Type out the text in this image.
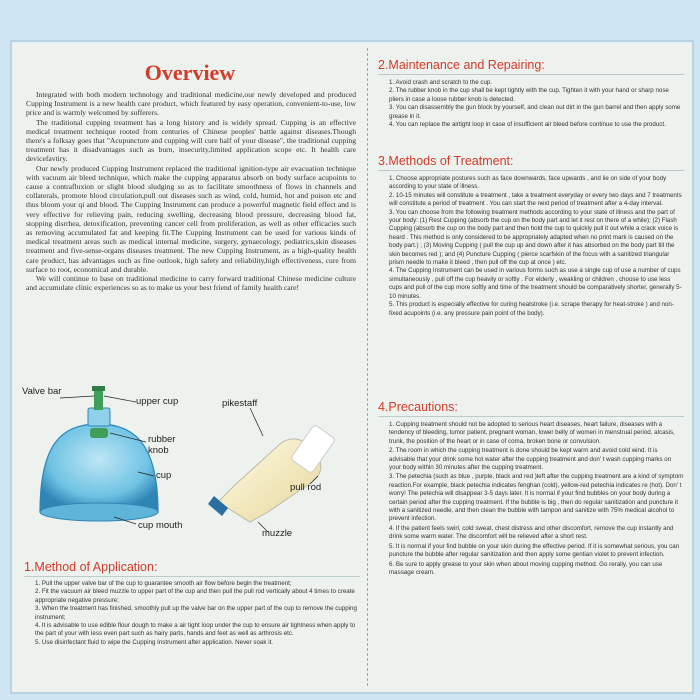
Overview

Integrated with both modern technology and traditional medicine,our newly developed and produced Cupping Instrument is a new health care product, which featured by easy operation, convenient-to-use, low price and is warmly welcomed by sufferers.

The traditional cupping treatment has a long history and is widely spread. Cupping is an effective medical treatment technique rooted from centuries of Chinese peoples' battle against diseases.Though there's a folksay goes that "Acupuncture and cupping will cure half of your disease", the traditional cupping treatment has it disadvantages such as burn, insecurity,limited application scope etc. It health care devicefavtiry.

Our newly produced Cupping Instrument replaced the traditional ignition-type air evacuation technique with vacuum air bleed technique, which make the cupping apparatus absorb on body surface acupoints to cause a contrafluxion or slight blood sludging so as to facilitate smoothness of flows in channels and collaterals, promote blood circulation,pull out diseases such as wind, cold, humid, hot and poison etc and thus bloom your qi and blood. The Cupping Instrument can produce a powerful magnetic field effect and is very effective for relieving pain, reducing swelling, decreasing blood pressure, decreasing blood fat, stopping disrrhea, detoxification, preventing cancer cell from proliferation, as well as other efficacies such as removing accumulated fat and keeping fit.The Cupping Instrument can be used for various kinds of medical treatment areas such as medical internal medicine, surgery, gynaecology, pediatrics,skin diseases treatment and five-sense-organs diseases treatment. The new Cupping Instrument, as a high-quality health care product, has advantages such as fine outlook, high safety and reliability,high effectiveness, cure from surface to root, economical and durable.

We will continue to base on traditional medicine to carry forward traditional Chinese medicine culture and accumulate clinic experiences so as to make us your best friend of family health care!

Valve bar
upper cup
rubber
knob
cup
cup mouth
pikestaff
pull rod
muzzle
1.Method of Application:
1. Pull the upper valve bar of the cup to guarantee smooth air flow before begin the treatment;
2. Fit the vacuum air bleed muzzle to upper part of the cup and then pull the pull rod vertically about 4 times to create appropriate negative pressure;
3. When the treatment has finished, smoothly pull up the valve bar on the upper part of the cup to remove the cupping instrument;
4. It is advisable to use edible flour dough to make a air tight loop under the cup to ensure air tightness when apply to the part of your with less even part such as hairy parts, hands and feet as well as arthrosis etc.
5. Use disinfectant fluid to wipe the Cupping Instrument after application. Never soak it.
2.Maintenance and Repairing:
1. Avoid crash and scratch to the cup.
2. The rubber knob in the cup shall be kept tightly with the cup. Tighten it with your hand or sharp nose pliers in case a loose rubber knob is detected.
3. You can disassembly the gun block by yourself, and clean out dirt in the gun barrel and then apply some grease in it.
4. You can replace the airtight loop in case of insufficient air bleed before continue to use the product.
3.Methods of Treatment:
1. Choose appropriate postures such as face downwards, face upwards , and lie on side of your body according to your state of illness.
2. 10-15 minutes will constitute a treatment , take a treatment everyday or every two days and 7 treatments will constitute a period of treatment . You can start the next period of treatment after a 4-day interval.
3. You can choose from the following treatment methods according to your state of illness and the part of your body: (1) Rest Cupping (absorb the cup on the body part and let it rest on there of a while); (2) Flash Cupping (absorb the cup on the body part and then hold the cup to quickly pull it out while a crack voice is heard . This method is only considered to be appropriately adapted when no print mark is caused on the body part.) ; (3) Moving Cupping ( pull the cup up and down after it has absorbed on the body part till the skin becomes red ); and (4) Puncture Cupping ( pierce scarfskin of the focus with a sanitized triangular prism needle to make it bleed , then pull off the cup at once ) etc.
4. The Cupping Instrument can be used in various forms such as use a single cup of use a number of cups simultaneously , pull off the cup heavily or softly . For elderly , weakling or children , choose to use less cups and pull of the cup more softly and time of the treatment should be comparatively shorter, generally 5-10 minutes.
5. This product is especially effective for curing heatstroke (i.e. scrape therapy for heat-stroke ) and non-fixed acupoints (i.e. any pressure pain point of the body).
4.Precautions:
1. Cupping treatment should not be adopted to serious heart diseases, heart failure, diseases with a tendency of bleeding, tumor patient, pregnant woman, lower belly of women in menstrual period, alcasis, trunk, the position of the heart or in case of coma, broken bone or convulsion.
2. The room in which the cupping treatment is done should be kept warm and avoid cold wind. It is advisable that your drink some hot water after the cupping treatment and don' t wash cupping marks on your body within 30 minutes after the cupping treatment.
3. The petechia (such as blue , purple, black and red )left after the cupping treatment are a kind of symptom reaction.For example, black petechia indicates fenghan (cold), yellow-red petechia indicates re (hot). Don' t worry! The petechia will disappear 3-5 days later. It is normal if your find bubbles on your body during a certain period after the cupping treatment. If the bubble is big , then do regular sanitization and puncture it with a sanitized needle, and then clean the bubble with tampon and sanitize with 75% medical alcohol to prevent infection.
4. If the patient feels swirl, cold sweat, chest distress and other discomfort, remove the cup instantly and drink some warm water. The discomfort will be relieved after a short rest.
5. It is normal if your find bubble on your skin during the effective period. If it is somewhat serious, you can puncture the bubble after regular sanitization and then apply some gentian violet to prevent infection.
6. Be sure to apply grease to your skin when about moving cupping method. Go rerally, you can use massage cream.
